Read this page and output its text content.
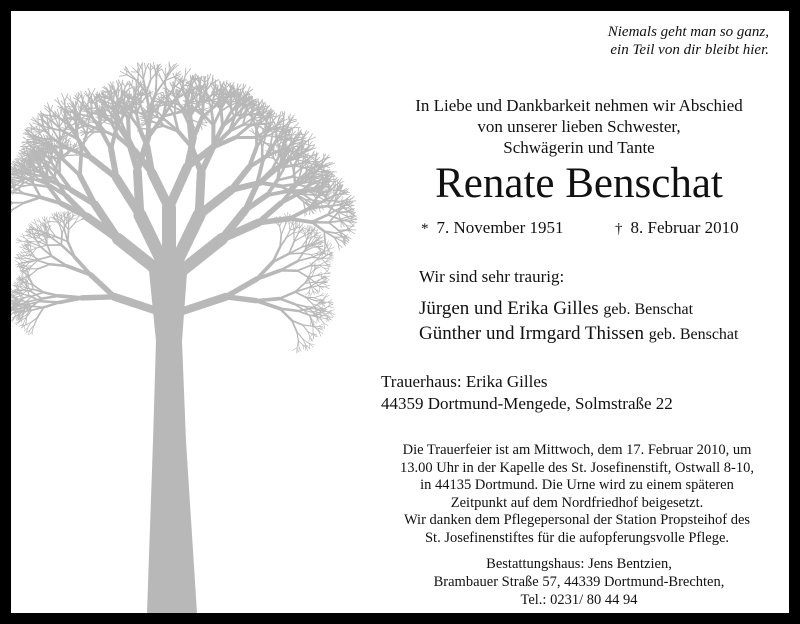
Niemals geht man so ganz,
ein Teil von dir bleibt hier.
In Liebe und Dankbarkeit nehmen wir Abschied
von unserer lieben Schwester,
Schwägerin und Tante
Renate Benschat
* 7. November 1951	† 8. Februar 2010
Wir sind sehr traurig:
Jürgen und Erika Gilles geb. Benschat
Günther und Irmgard Thissen geb. Benschat
Trauerhaus: Erika Gilles
44359 Dortmund-Mengede, Solmstraße 22
Die Trauerfeier ist am Mittwoch, dem 17. Februar 2010, um
13.00 Uhr in der Kapelle des St. Josefinenstift, Ostwall 8-10,
in 44135 Dortmund. Die Urne wird zu einem späteren
Zeitpunkt auf dem Nordfriedhof beigesetzt.
Wir danken dem Pflegepersonal der Station Propsteihof des
St. Josefinenstiftes für die aufopferungsvolle Pflege.
Bestattungshaus: Jens Bentzien,
Brambauer Straße 57, 44339 Dortmund-Brechten,
Tel.: 0231/ 80 44 94
